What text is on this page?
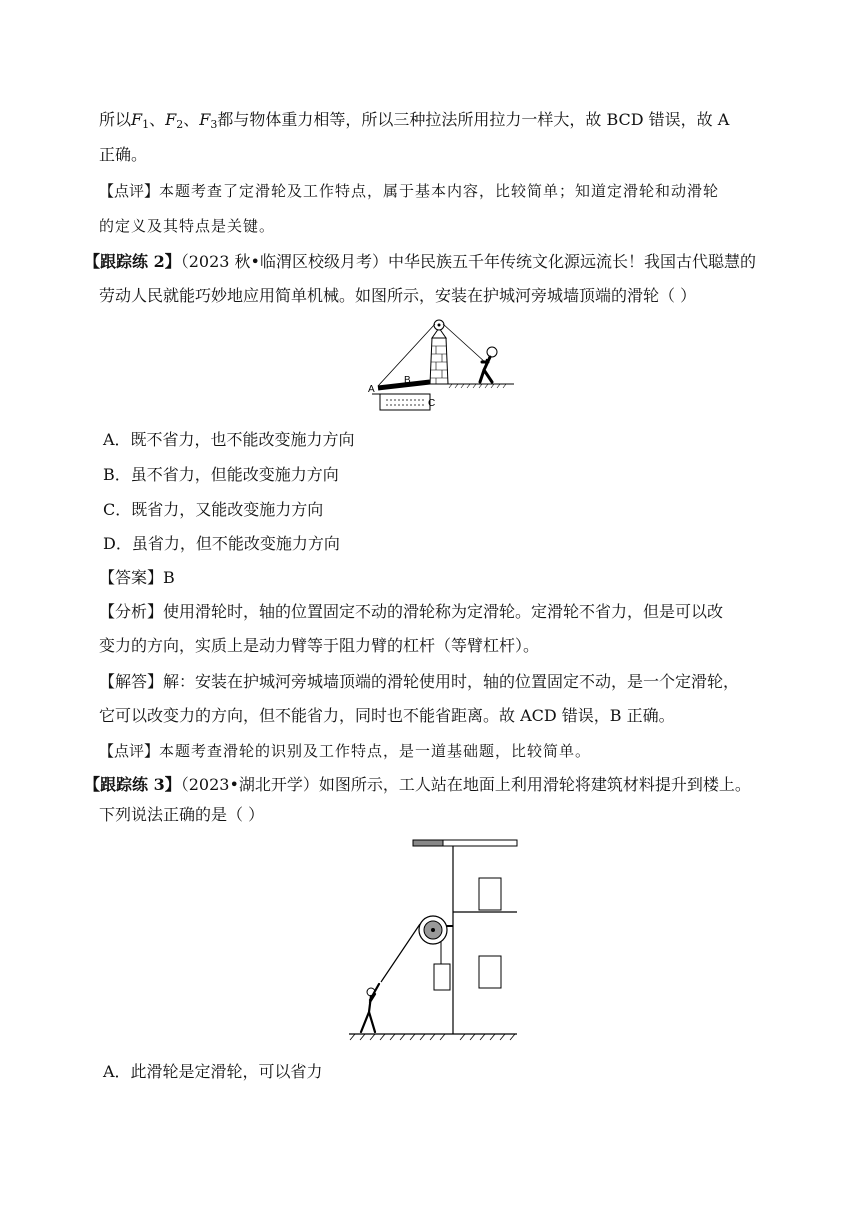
所以$F_1$、$F_2$、$F_3$都与物体重力相等，所以三种拉法所用拉力一样大，故 BCD 错误，故 A
正确。
【点评】本题考查了定滑轮及工作特点，属于基本内容，比较简单；知道定滑轮和动滑轮
的定义及其特点是关键。
【跟踪练 2】（2023 秋•临渭区校级月考）中华民族五千年传统文化源远流长！我国古代聪慧的
劳动人民就能巧妙地应用简单机械。如图所示，安装在护城河旁城墙顶端的滑轮（ ）
A
B
C
A．既不省力，也不能改变施力方向
B．虽不省力，但能改变施力方向
C．既省力，又能改变施力方向
D．虽省力，但不能改变施力方向
【答案】B
【分析】使用滑轮时，轴的位置固定不动的滑轮称为定滑轮。定滑轮不省力，但是可以改
变力的方向，实质上是动力臂等于阻力臂的杠杆（等臂杠杆）。
【解答】解：安装在护城河旁城墙顶端的滑轮使用时，轴的位置固定不动，是一个定滑轮，
它可以改变力的方向，但不能省力，同时也不能省距离。故 ACD 错误，B 正确。
【点评】本题考查滑轮的识别及工作特点，是一道基础题，比较简单。
【跟踪练 3】（2023•湖北开学）如图所示，工人站在地面上利用滑轮将建筑材料提升到楼上。
下列说法正确的是（ ）
A．此滑轮是定滑轮，可以省力
